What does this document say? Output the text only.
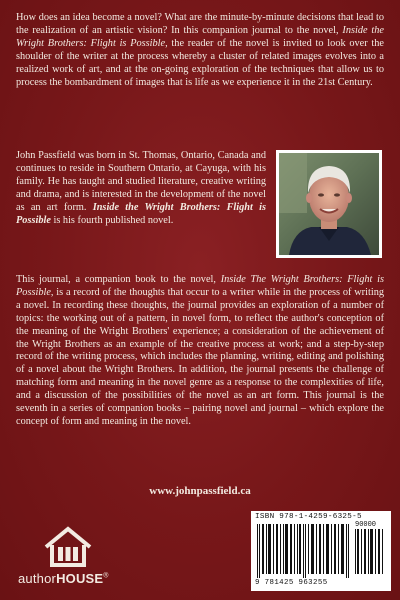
How does an idea become a novel? What are the minute-by-minute decisions that lead to the realization of an artistic vision? In this companion journal to the novel, Inside the Wright Brothers: Flight is Possible, the reader of the novel is invited to look over the shoulder of the writer at the process whereby a cluster of related images evolves into a realized work of art, and at the on-going exploration of the techniques that allow us to process the bombardment of images that is life as we experience it in the 21st Century.
John Passfield was born in St. Thomas, Ontario, Canada and continues to reside in Southern Ontario, at Cayuga, with his family. He has taught and studied literature, creative writing and drama, and is interested in the development of the novel as an art form. Inside the Wright Brothers: Flight is Possible is his fourth published novel.
This journal, a companion book to the novel, Inside The Wright Brothers: Flight is Possible, is a record of the thoughts that occur to a writer while in the process of writing a novel. In recording these thoughts, the journal provides an exploration of a number of topics: the working out of a pattern, in novel form, to reflect the author's conception of the meaning of the Wright Brothers' experience; a consideration of the achievement of the Wright Brothers as an example of the creative process at work; and a step-by-step record of the writing process, which includes the planning, writing, editing and polishing of a novel about the Wright Brothers. In addition, the journal presents the challenge of matching form and meaning in the novel genre as a response to the complexities of life, and a discussion of the possibilities of the novel as an art form. This journal is the seventh in a series of companion books – pairing novel and journal – which explore the concept of form and meaning in the novel.
www.johnpassfield.ca
authorHOUSE®
ISBN 978-1-4259-6325-5
90000
9 781425 963255
